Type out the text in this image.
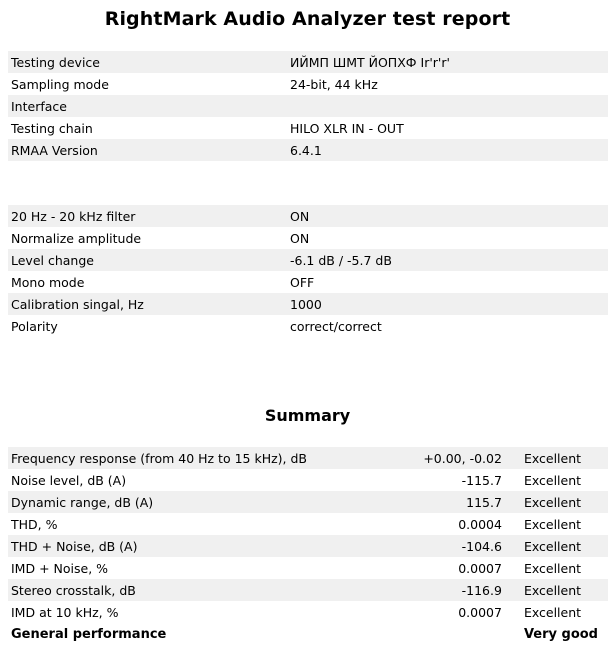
RightMark Audio Analyzer test report
Testing device	ИЙМП ШМТ ЙОПХФ Ir'r'r'
Sampling mode	24-bit, 44 kHz
Interface	
Testing chain	HILO XLR IN - OUT
RMAA Version	6.4.1
20 Hz - 20 kHz filter	ON
Normalize amplitude	ON
Level change	-6.1 dB / -5.7 dB
Mono mode	OFF
Calibration singal, Hz	1000
Polarity	correct/correct
Summary
Frequency response (from 40 Hz to 15 kHz), dB	+0.00, -0.02	Excellent
Noise level, dB (A)	-115.7	Excellent
Dynamic range, dB (A)	115.7	Excellent
THD, %	0.0004	Excellent
THD + Noise, dB (A)	-104.6	Excellent
IMD + Noise, %	0.0007	Excellent
Stereo crosstalk, dB	-116.9	Excellent
IMD at 10 kHz, %	0.0007	Excellent
General performance		Very good
